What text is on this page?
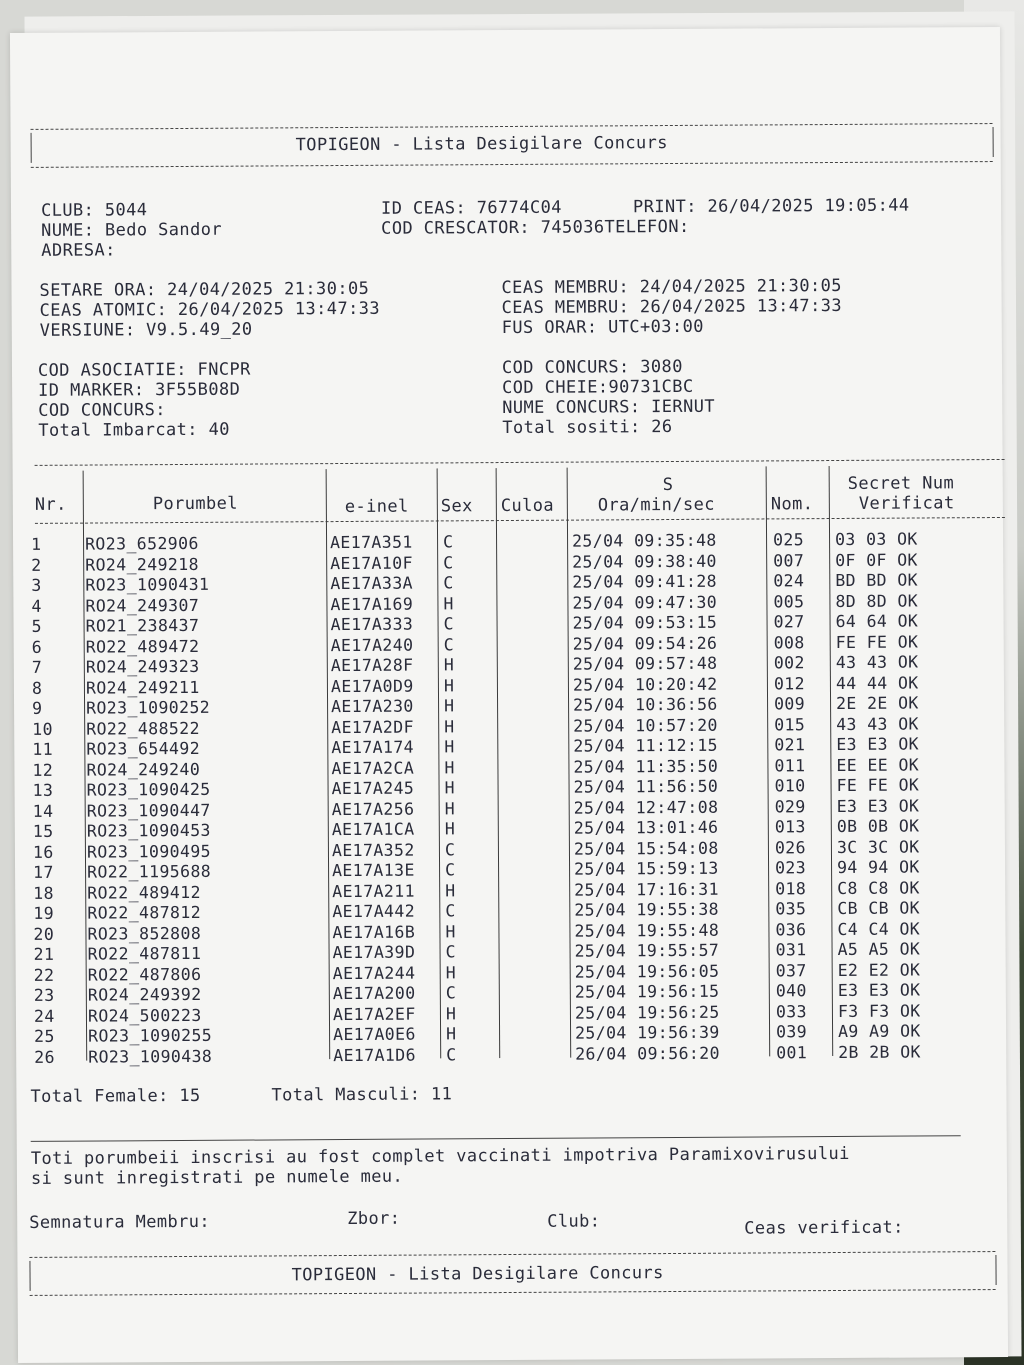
TOPIGEON - Lista Desigilare Concurs
CLUB: 5044
NUME: Bedo Sandor
ADRESA:
ID CEAS: 76774C04	PRINT: 26/04/2025 19:05:44
COD CRESCATOR: 745036TELEFON:
SETARE ORA: 24/04/2025 21:30:05
CEAS ATOMIC: 26/04/2025 13:47:33
VERSIUNE: V9.5.49_20
CEAS MEMBRU: 24/04/2025 21:30:05
CEAS MEMBRU: 26/04/2025 13:47:33
FUS ORAR: UTC+03:00
COD ASOCIATIE: FNCPR
ID MARKER: 3F55B08D
COD CONCURS:
Total Imbarcat: 40
COD CONCURS: 3080
COD CHEIE:90731CBC
NUME CONCURS: IERNUT
Total sositi: 26
Nr.	Porumbel	e-inel Sex Culoa
S
Ora/min/sec	Nom.
Secret Num
Verificat
1	RO23_652906	AE17A351 C	25/04 09:35:48	025 03 03 OK
2	RO24_249218	AE17A10F C	25/04 09:38:40	007 0F 0F OK
3	RO23_1090431	AE17A33A C	25/04 09:41:28	024 BD BD OK
4	RO24_249307	AE17A169 H	25/04 09:47:30	005 8D 8D OK
5	RO21_238437	AE17A333 C	25/04 09:53:15	027 64 64 OK
6	RO22_489472	AE17A240 C	25/04 09:54:26	008 FE FE OK
7	RO24_249323	AE17A28F H	25/04 09:57:48	002 43 43 OK
8	RO24_249211	AE17A0D9 H	25/04 10:20:42	012 44 44 OK
9	RO23_1090252	AE17A230 H	25/04 10:36:56	009 2E 2E OK
10 RO22_488522	AE17A2DF H	25/04 10:57:20	015 43 43 OK
11 RO23_654492	AE17A174 H	25/04 11:12:15	021 E3 E3 OK
12 RO24_249240	AE17A2CA H	25/04 11:35:50	011 EE EE OK
13 RO23_1090425	AE17A245 H	25/04 11:56:50	010 FE FE OK
14 RO23_1090447	AE17A256 H	25/04 12:47:08	029 E3 E3 OK
15 RO23_1090453	AE17A1CA H	25/04 13:01:46	013 0B 0B OK
16 RO23_1090495	AE17A352 C	25/04 15:54:08	026 3C 3C OK
17 RO22_1195688	AE17A13E C	25/04 15:59:13	023 94 94 OK
18 RO22_489412	AE17A211 H	25/04 17:16:31	018 C8 C8 OK
19 RO22_487812	AE17A442 C	25/04 19:55:38	035 CB CB OK
20 RO23_852808	AE17A16B H	25/04 19:55:48	036 C4 C4 OK
21 RO22_487811	AE17A39D C	25/04 19:55:57	031 A5 A5 OK
22 RO22_487806	AE17A244 H	25/04 19:56:05	037 E2 E2 OK
23 RO24_249392	AE17A200 C	25/04 19:56:15	040 E3 E3 OK
24 RO24_500223	AE17A2EF H	25/04 19:56:25	033 F3 F3 OK
25 RO23_1090255	AE17A0E6 H	25/04 19:56:39	039 A9 A9 OK
26 RO23_1090438	AE17A1D6 C	26/04 09:56:20	001 2B 2B OK
Total Female: 15	Total Masculi: 11
Toti porumbeii inscrisi au fost complet vaccinati impotriva Paramixovirusului
si sunt inregistrati pe numele meu.
Semnatura Membru:	Zbor:	Club:	Ceas verificat:
TOPIGEON - Lista Desigilare Concurs
